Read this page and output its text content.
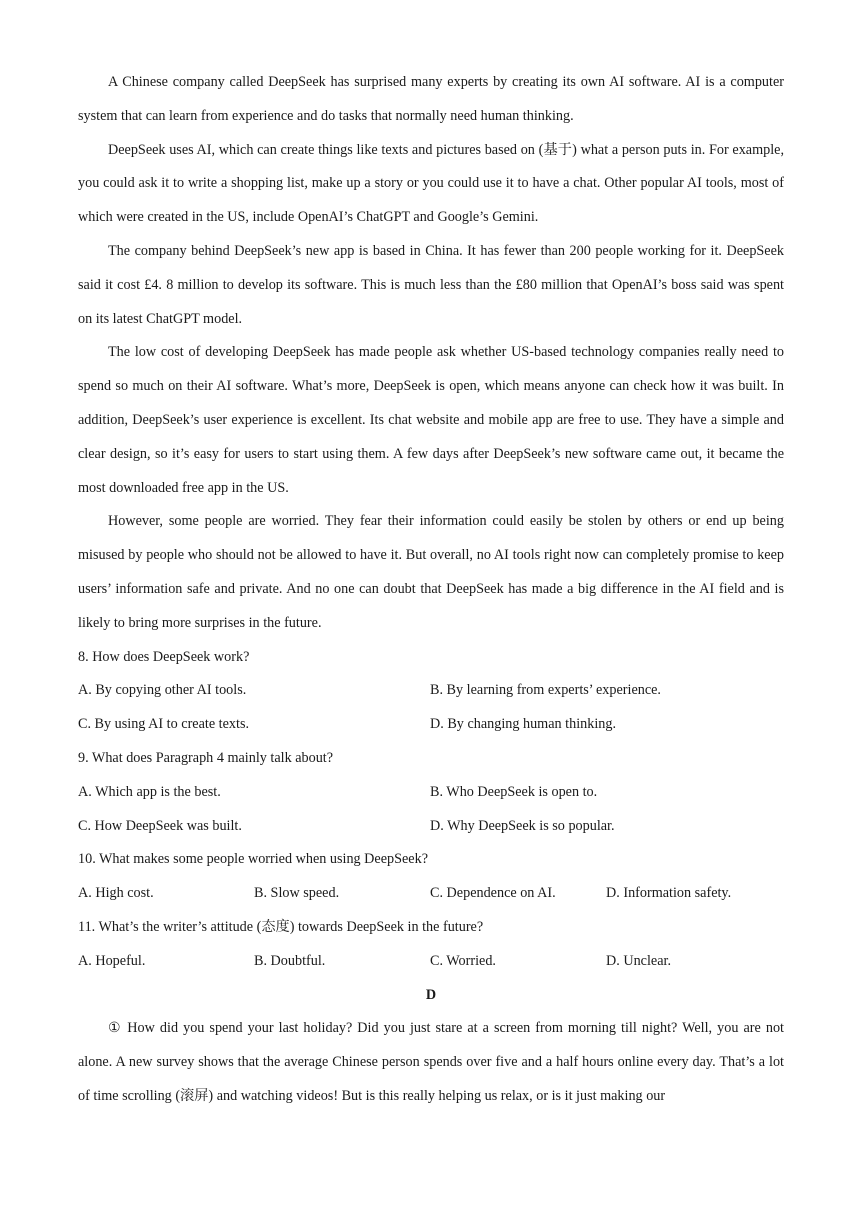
A Chinese company called DeepSeek has surprised many experts by creating its own AI software. AI is a computer system that can learn from experience and do tasks that normally need human thinking.

DeepSeek uses AI, which can create things like texts and pictures based on (基于) what a person puts in. For example, you could ask it to write a shopping list, make up a story or you could use it to have a chat. Other popular AI tools, most of which were created in the US, include OpenAI’s ChatGPT and Google’s Gemini.

The company behind DeepSeek’s new app is based in China. It has fewer than 200 people working for it. DeepSeek said it cost £4. 8 million to develop its software. This is much less than the £80 million that OpenAI’s boss said was spent on its latest ChatGPT model.

The low cost of developing DeepSeek has made people ask whether US-based technology companies really need to spend so much on their AI software. What’s more, DeepSeek is open, which means anyone can check how it was built. In addition, DeepSeek’s user experience is excellent. Its chat website and mobile app are free to use. They have a simple and clear design, so it’s easy for users to start using them. A few days after DeepSeek’s new software came out, it became the most downloaded free app in the US.

However, some people are worried. They fear their information could easily be stolen by others or end up being misused by people who should not be allowed to have it. But overall, no AI tools right now can completely promise to keep users’ information safe and private. And no one can doubt that DeepSeek has made a big difference in the AI field and is likely to bring more surprises in the future.

8. How does DeepSeek work?

A. By copying other AI tools.	B. By learning from experts’ experience.
C. By using AI to create texts.	D. By changing human thinking.

9. What does Paragraph 4 mainly talk about?

A. Which app is the best.	B. Who DeepSeek is open to.
C. How DeepSeek was built.	D. Why DeepSeek is so popular.

10. What makes some people worried when using DeepSeek?

A. High cost.	B. Slow speed.	C. Dependence on AI.	D. Information safety.

11. What’s the writer’s attitude (态度) towards DeepSeek in the future?

A. Hopeful.	B. Doubtful.	C. Worried.	D. Unclear.

D

① How did you spend your last holiday? Did you just stare at a screen from morning till night? Well, you are not alone. A new survey shows that the average Chinese person spends over five and a half hours online every day. That’s a lot of time scrolling (滚屏) and watching videos! But is this really helping us relax, or is it just making our
